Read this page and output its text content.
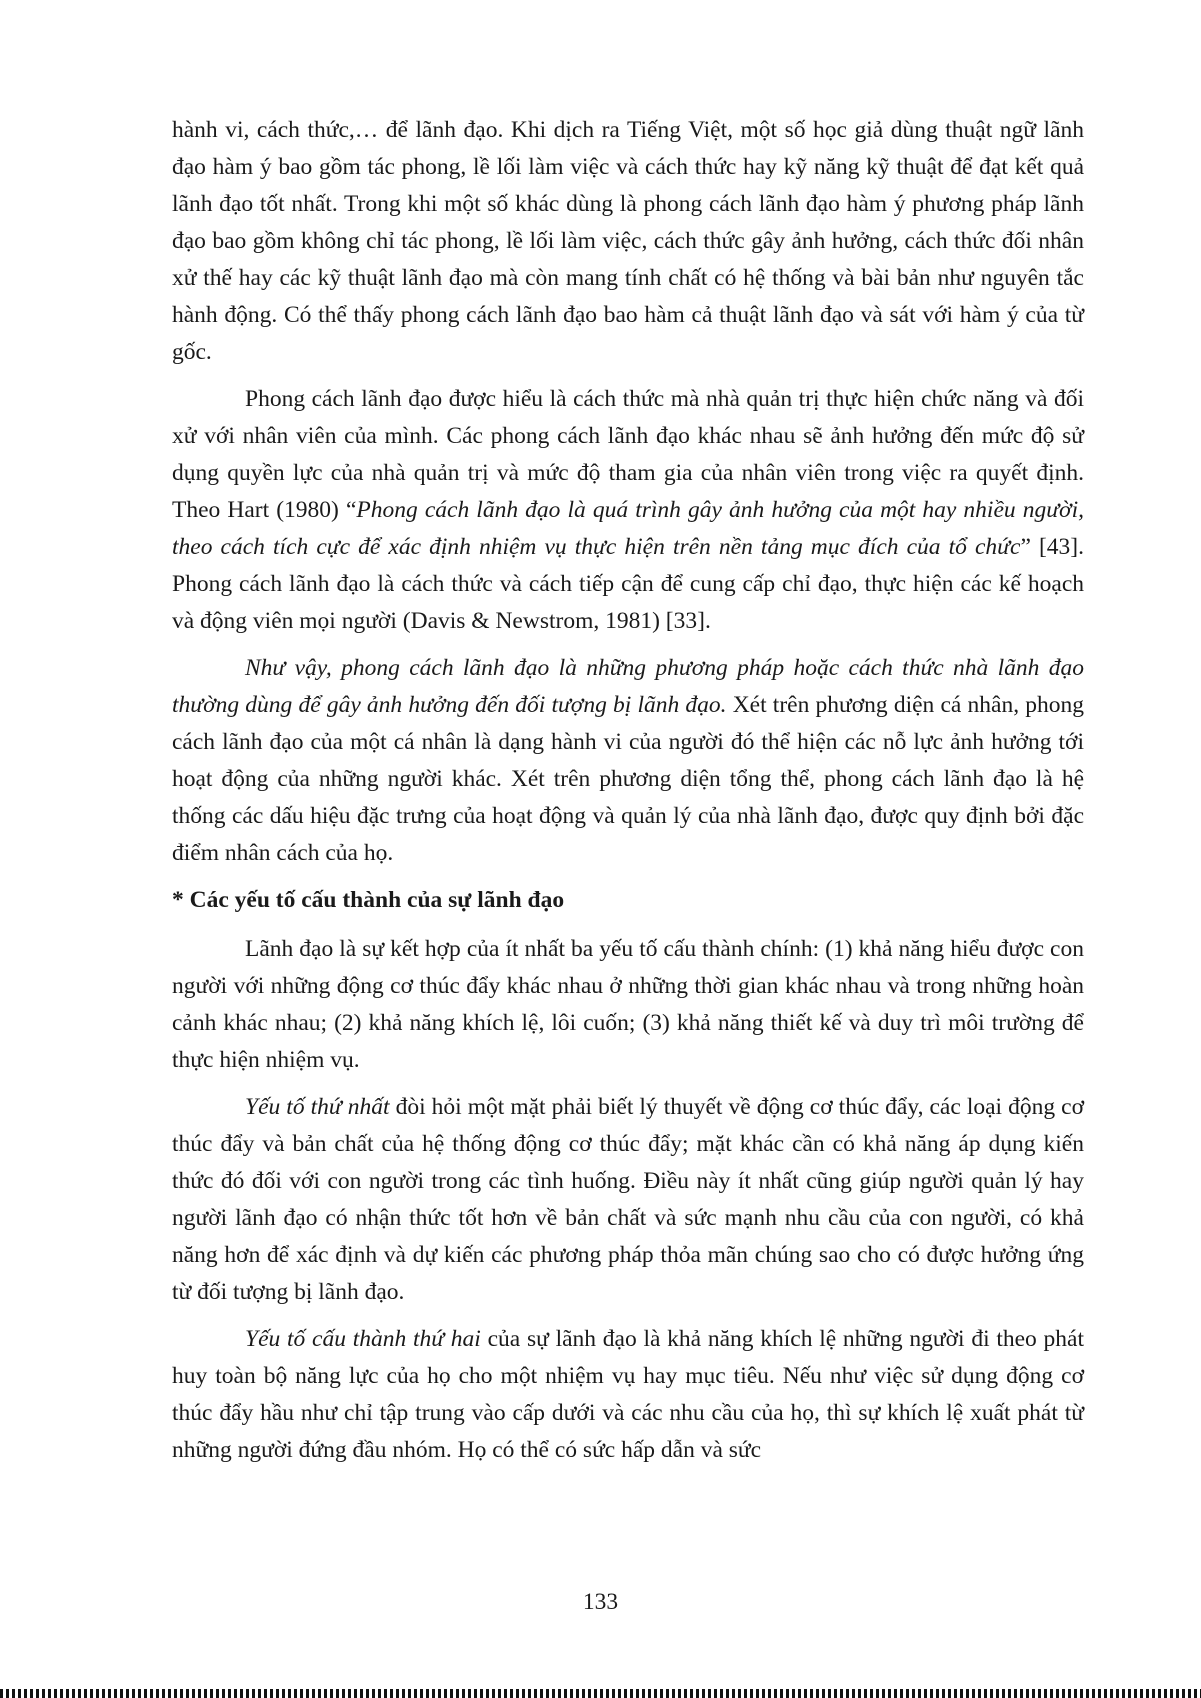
hành vi, cách thức,… để lãnh đạo. Khi dịch ra Tiếng Việt, một số học giả dùng thuật ngữ lãnh đạo hàm ý bao gồm tác phong, lề lối làm việc và cách thức hay kỹ năng kỹ thuật để đạt kết quả lãnh đạo tốt nhất. Trong khi một số khác dùng là phong cách lãnh đạo hàm ý phương pháp lãnh đạo bao gồm không chỉ tác phong, lề lối làm việc, cách thức gây ảnh hưởng, cách thức đối nhân xử thế hay các kỹ thuật lãnh đạo mà còn mang tính chất có hệ thống và bài bản như nguyên tắc hành động. Có thể thấy phong cách lãnh đạo bao hàm cả thuật lãnh đạo và sát với hàm ý của từ gốc.

Phong cách lãnh đạo được hiểu là cách thức mà nhà quản trị thực hiện chức năng và đối xử với nhân viên của mình. Các phong cách lãnh đạo khác nhau sẽ ảnh hưởng đến mức độ sử dụng quyền lực của nhà quản trị và mức độ tham gia của nhân viên trong việc ra quyết định. Theo Hart (1980) “Phong cách lãnh đạo là quá trình gây ảnh hưởng của một hay nhiều người, theo cách tích cực để xác định nhiệm vụ thực hiện trên nền tảng mục đích của tổ chức” [43]. Phong cách lãnh đạo là cách thức và cách tiếp cận để cung cấp chỉ đạo, thực hiện các kế hoạch và động viên mọi người (Davis & Newstrom, 1981) [33].

Như vậy, phong cách lãnh đạo là những phương pháp hoặc cách thức nhà lãnh đạo thường dùng để gây ảnh hưởng đến đối tượng bị lãnh đạo. Xét trên phương diện cá nhân, phong cách lãnh đạo của một cá nhân là dạng hành vi của người đó thể hiện các nỗ lực ảnh hưởng tới hoạt động của những người khác. Xét trên phương diện tổng thể, phong cách lãnh đạo là hệ thống các dấu hiệu đặc trưng của hoạt động và quản lý của nhà lãnh đạo, được quy định bởi đặc điểm nhân cách của họ.

* Các yếu tố cấu thành của sự lãnh đạo

Lãnh đạo là sự kết hợp của ít nhất ba yếu tố cấu thành chính: (1) khả năng hiểu được con người với những động cơ thúc đẩy khác nhau ở những thời gian khác nhau và trong những hoàn cảnh khác nhau; (2) khả năng khích lệ, lôi cuốn; (3) khả năng thiết kế và duy trì môi trường để thực hiện nhiệm vụ.

Yếu tố thứ nhất đòi hỏi một mặt phải biết lý thuyết về động cơ thúc đẩy, các loại động cơ thúc đẩy và bản chất của hệ thống động cơ thúc đẩy; mặt khác cần có khả năng áp dụng kiến thức đó đối với con người trong các tình huống. Điều này ít nhất cũng giúp người quản lý hay người lãnh đạo có nhận thức tốt hơn về bản chất và sức mạnh nhu cầu của con người, có khả năng hơn để xác định và dự kiến các phương pháp thỏa mãn chúng sao cho có được hưởng ứng từ đối tượng bị lãnh đạo.

Yếu tố cấu thành thứ hai của sự lãnh đạo là khả năng khích lệ những người đi theo phát huy toàn bộ năng lực của họ cho một nhiệm vụ hay mục tiêu. Nếu như việc sử dụng động cơ thúc đẩy hầu như chỉ tập trung vào cấp dưới và các nhu cầu của họ, thì sự khích lệ xuất phát từ những người đứng đầu nhóm. Họ có thể có sức hấp dẫn và sức

133
